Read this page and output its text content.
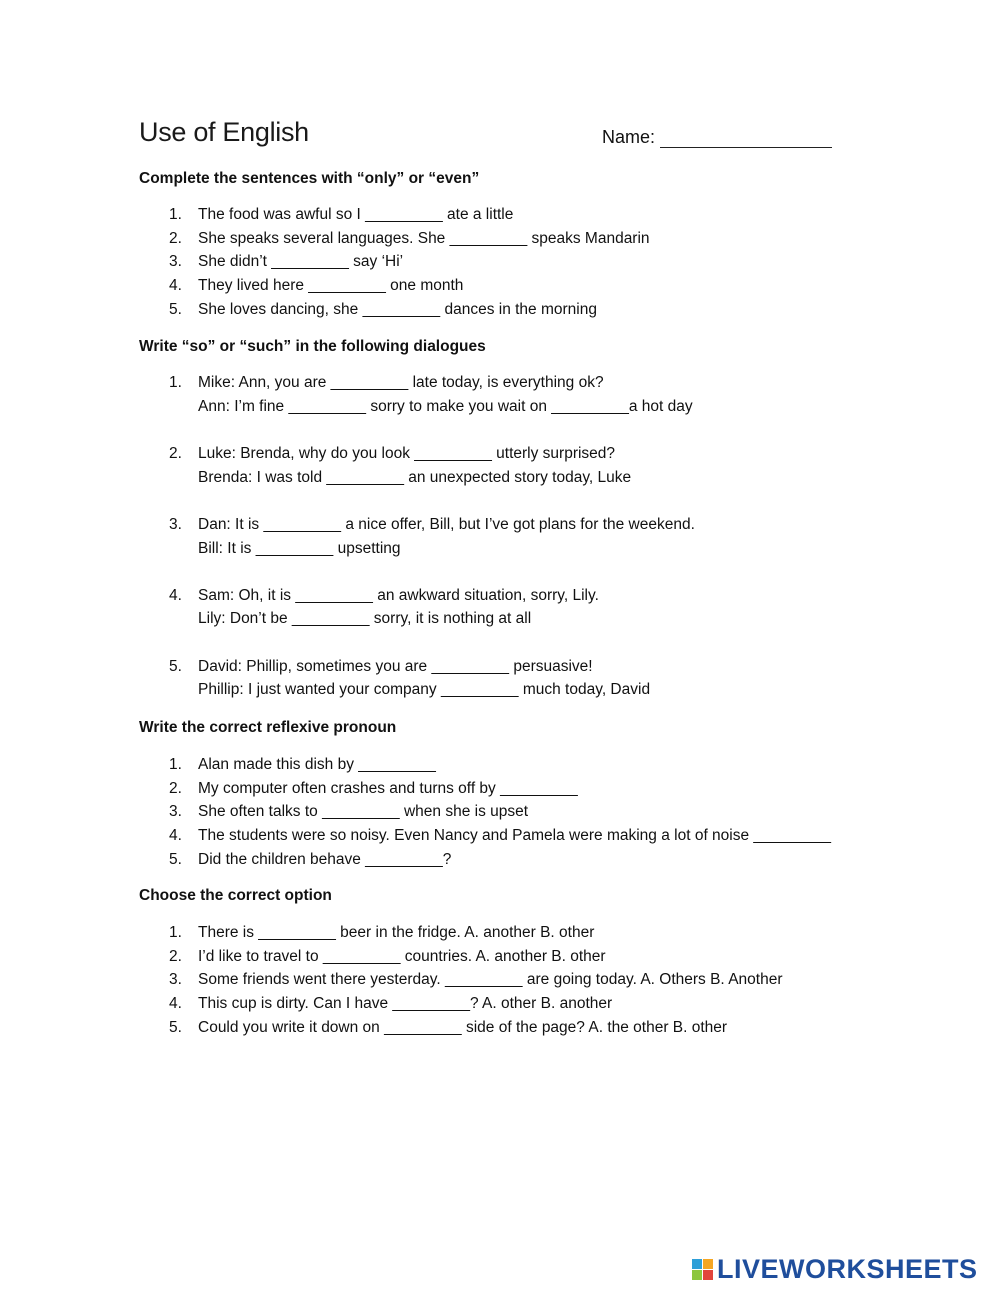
Use of English	Name:
Complete the sentences with “only” or “even”
1. The food was awful so I _________ ate a little
2. She speaks several languages. She _________ speaks Mandarin
3. She didn’t _________ say ‘Hi’
4. They lived here _________ one month
5. She loves dancing, she _________ dances in the morning
Write “so” or “such” in the following dialogues
1. Mike: Ann, you are _________ late today, is everything ok?
Ann: I’m fine _________ sorry to make you wait on _________a hot day
2. Luke: Brenda, why do you look _________ utterly surprised?
Brenda: I was told _________ an unexpected story today, Luke
3. Dan: It is _________ a nice offer, Bill, but I’ve got plans for the weekend.
Bill: It is _________ upsetting
4. Sam: Oh, it is _________ an awkward situation, sorry, Lily.
Lily: Don’t be _________ sorry, it is nothing at all
5. David: Phillip, sometimes you are _________ persuasive!
Phillip: I just wanted your company _________ much today, David
Write the correct reflexive pronoun
1. Alan made this dish by _________
2. My computer often crashes and turns off by _________
3. She often talks to _________ when she is upset
4. The students were so noisy. Even Nancy and Pamela were making a lot of noise _________
5. Did the children behave _________?
Choose the correct option
1. There is _________ beer in the fridge. A. another B. other
2. I’d like to travel to _________ countries. A. another B. other
3. Some friends went there yesterday. _________ are going today. A. Others B. Another
4. This cup is dirty. Can I have _________? A. other B. another
5. Could you write it down on _________ side of the page? A. the other B. other
LIVEWORKSHEETS
